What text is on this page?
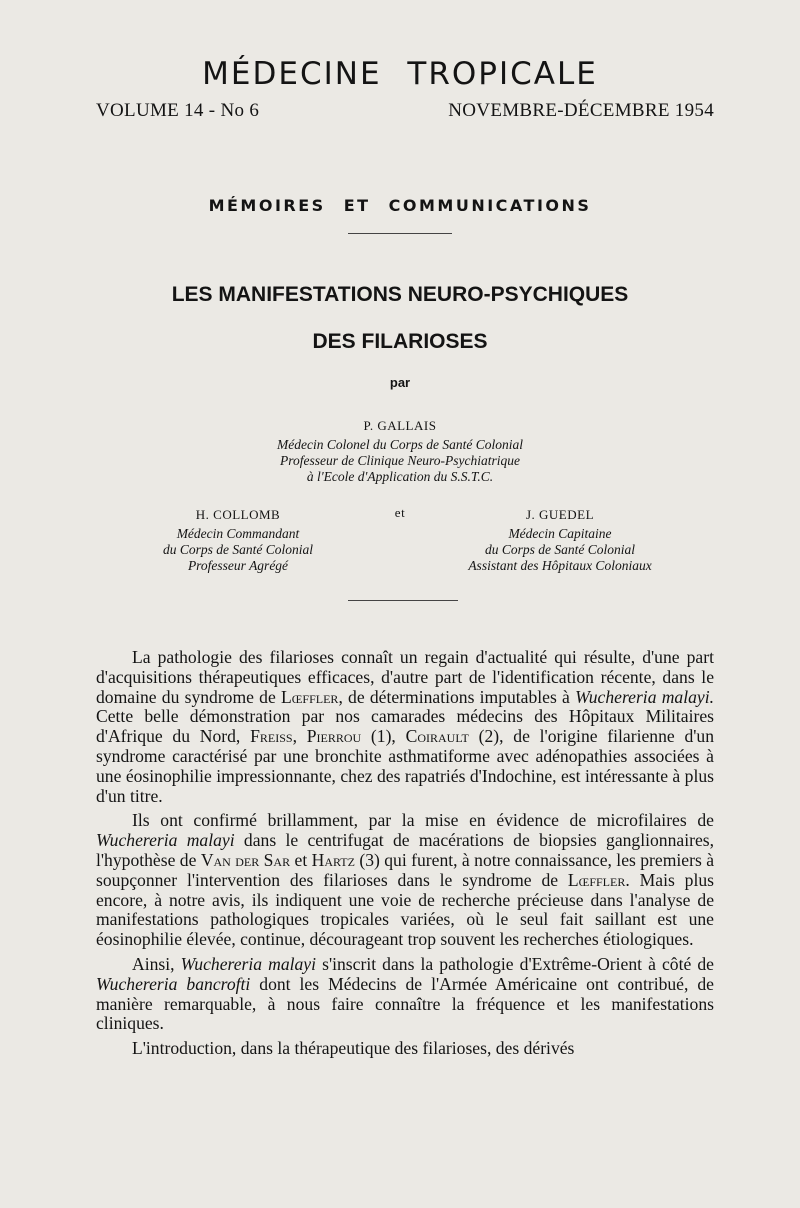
MÉDECINE TROPICALE
VOLUME 14 - No 6	NOVEMBRE-DÉCEMBRE 1954
MÉMOIRES ET COMMUNICATIONS
LES MANIFESTATIONS NEURO-PSYCHIQUES
DES FILARIOSES
par
P. GALLAIS
Médecin Colonel du Corps de Santé Colonial
Professeur de Clinique Neuro-Psychiatrique
à l'Ecole d'Application du S.S.T.C.
H. COLLOMB	et	J. GUEDEL
Médecin Commandant
du Corps de Santé Colonial
Professeur Agrégé
Médecin Capitaine
du Corps de Santé Colonial
Assistant des Hôpitaux Coloniaux

La pathologie des filarioses connaît un regain d'actualité qui résulte, d'une part d'acquisitions thérapeutiques efficaces, d'autre part de l'identification récente, dans le domaine du syndrome de Lœffler, de déterminations imputables à Wuchereria malayi. Cette belle démonstration par nos camarades médecins des Hôpitaux Militaires d'Afrique du Nord, Freiss, Pierrou (1), Coirault (2), de l'origine filarienne d'un syndrome caractérisé par une bronchite asthmatiforme avec adénopathies associées à une éosinophilie impressionnante, chez des rapatriés d'Indochine, est intéressante à plus d'un titre.

Ils ont confirmé brillamment, par la mise en évidence de microfilaires de Wuchereria malayi dans le centrifugat de macérations de biopsies ganglionnaires, l'hypothèse de Van der Sar et Hartz (3) qui furent, à notre connaissance, les premiers à soupçonner l'intervention des filarioses dans le syndrome de Lœffler. Mais plus encore, à notre avis, ils indiquent une voie de recherche précieuse dans l'analyse de manifestations pathologiques tropicales variées, où le seul fait saillant est une éosinophilie élevée, continue, décourageant trop souvent les recherches étiologiques.

Ainsi, Wuchereria malayi s'inscrit dans la pathologie d'Extrême-Orient à côté de Wuchereria bancrofti dont les Médecins de l'Armée Américaine ont contribué, de manière remarquable, à nous faire connaître la fréquence et les manifestations cliniques.

L'introduction, dans la thérapeutique des filarioses, des dérivés
